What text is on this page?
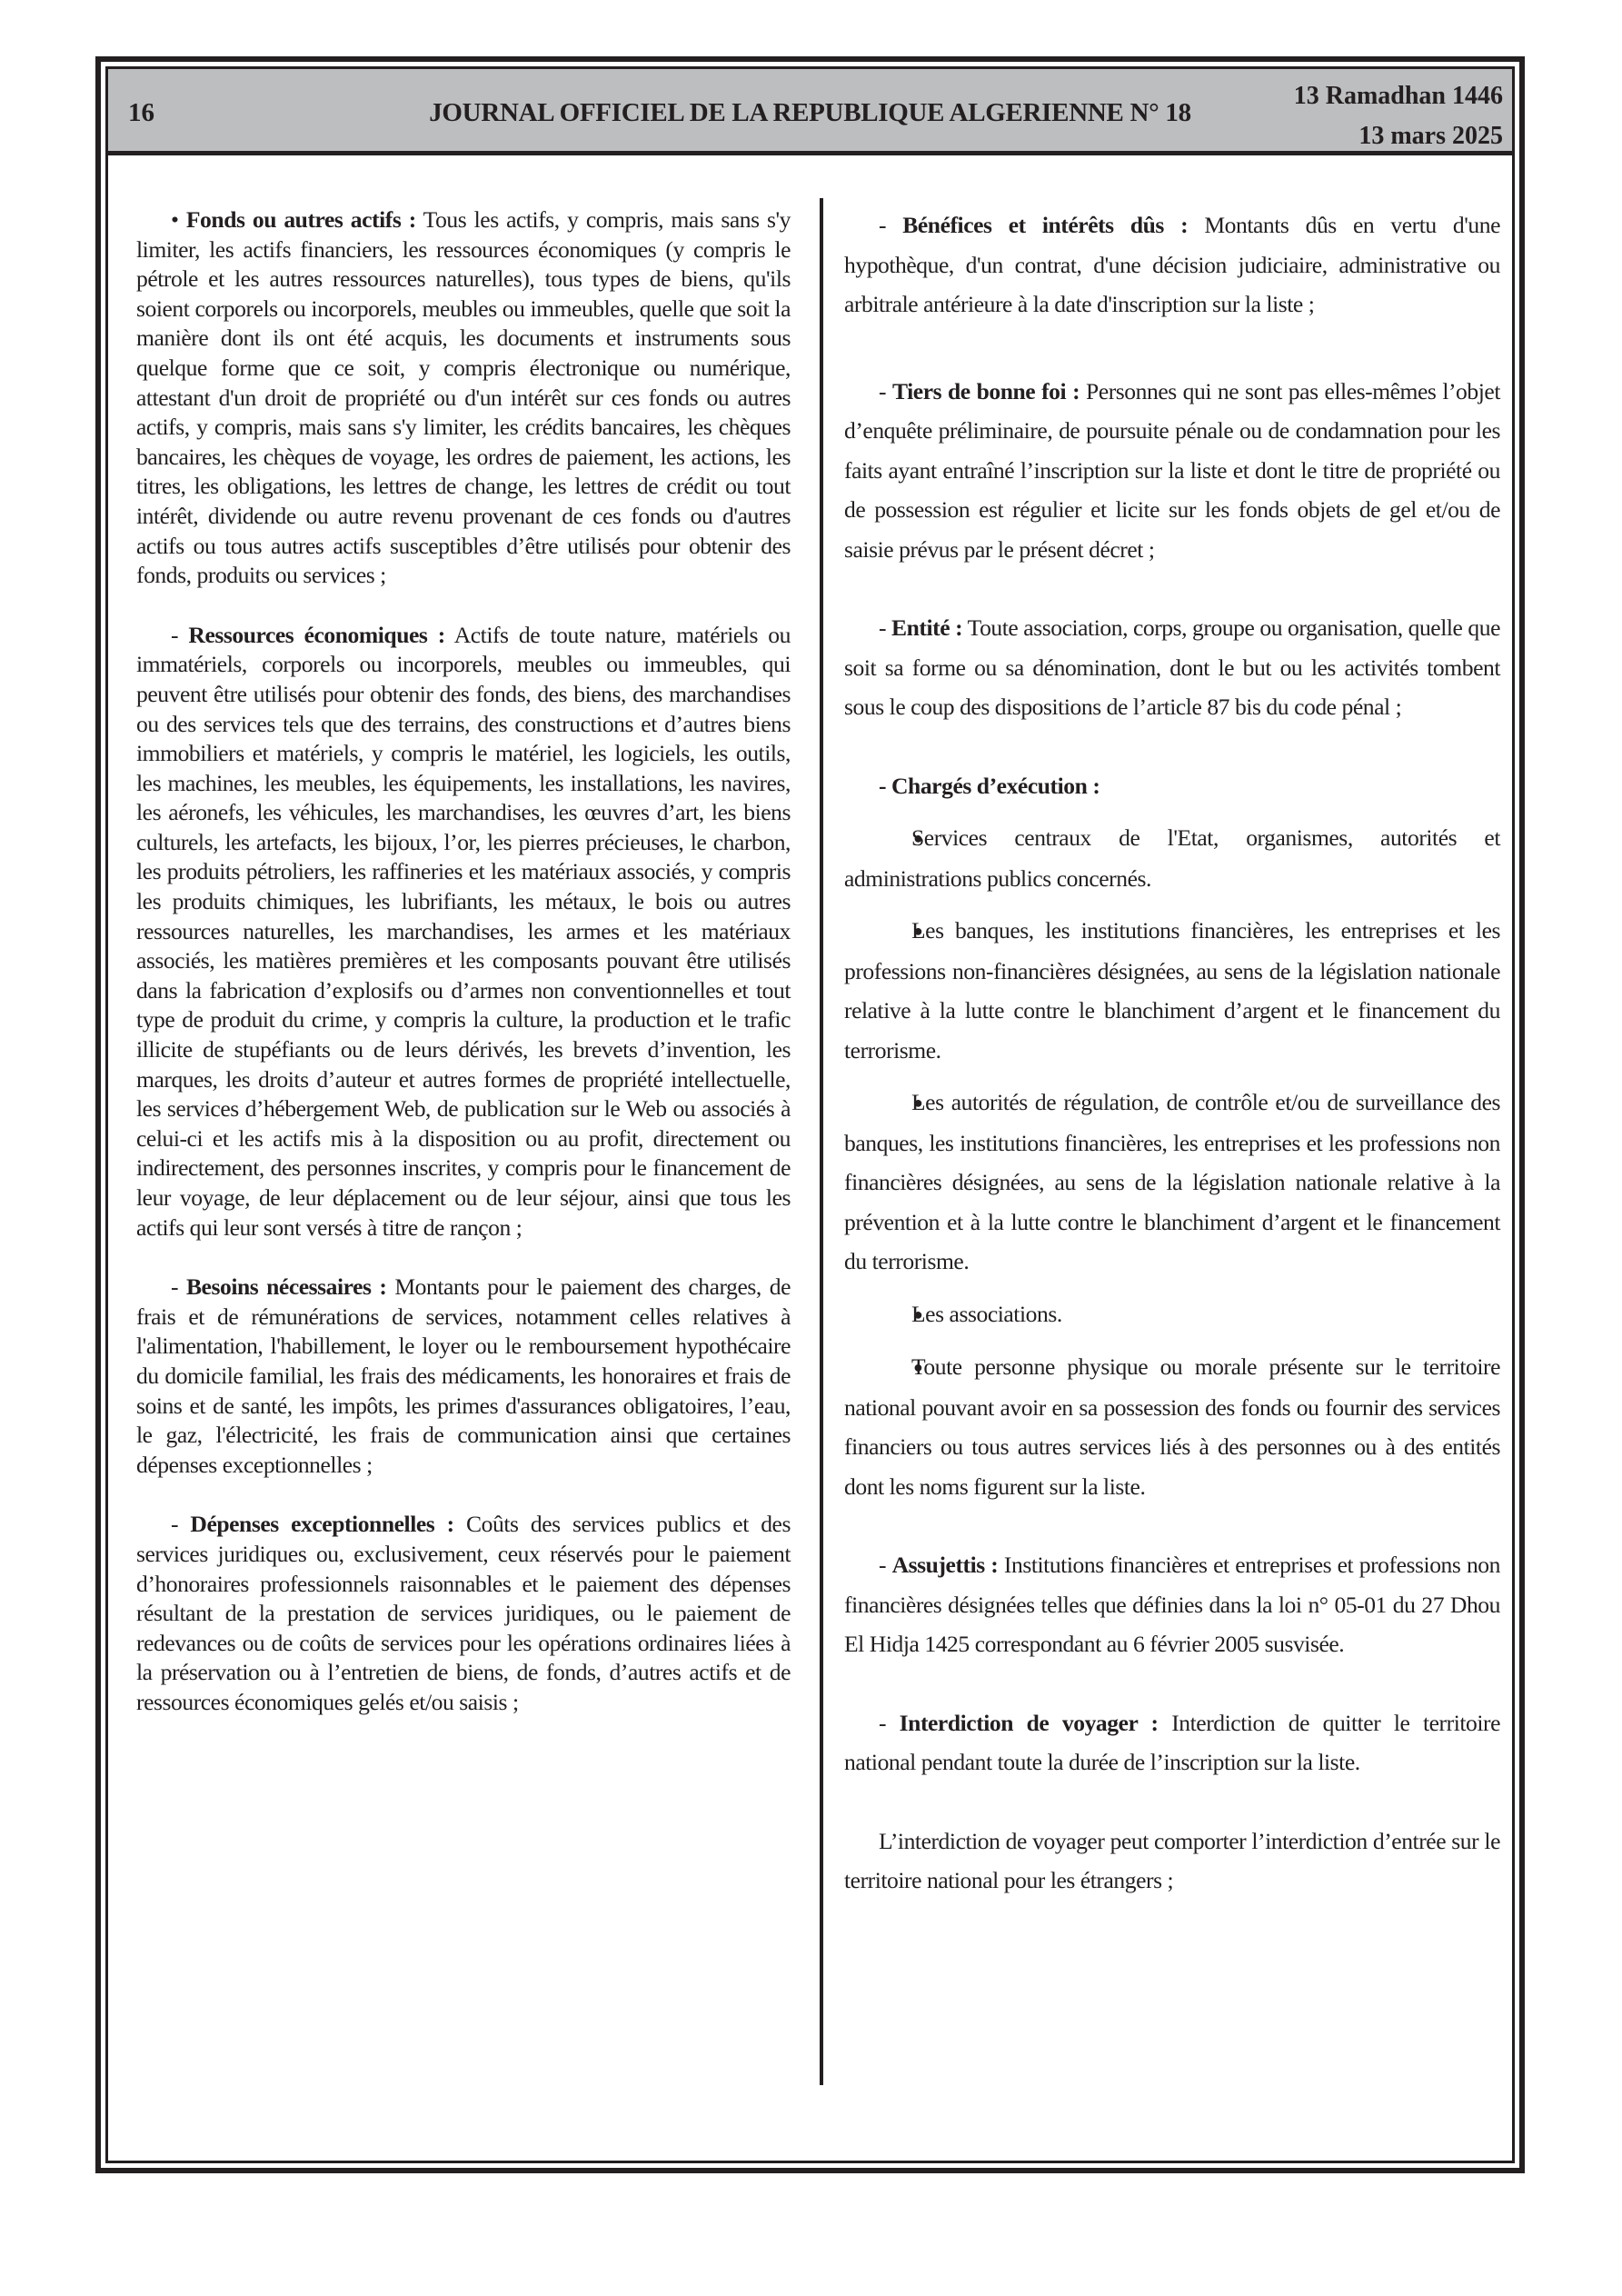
16	JOURNAL OFFICIEL DE LA REPUBLIQUE ALGERIENNE N° 18
13 Ramadhan 1446
13 mars 2025

• Fonds ou autres actifs : Tous les actifs, y compris, mais sans s'y limiter, les actifs financiers, les ressources économiques (y compris le pétrole et les autres ressources naturelles), tous types de biens, qu'ils soient corporels ou incorporels, meubles ou immeubles, quelle que soit la manière dont ils ont été acquis, les documents et instruments sous quelque forme que ce soit, y compris électronique ou numérique, attestant d'un droit de propriété ou d'un intérêt sur ces fonds ou autres actifs, y compris, mais sans s'y limiter, les crédits bancaires, les chèques bancaires, les chèques de voyage, les ordres de paiement, les actions, les titres, les obligations, les lettres de change, les lettres de crédit ou tout intérêt, dividende ou autre revenu provenant de ces fonds ou d'autres actifs ou tous autres actifs susceptibles d’être utilisés pour obtenir des fonds, produits ou services ;

- Ressources économiques : Actifs de toute nature, matériels ou immatériels, corporels ou incorporels, meubles ou immeubles, qui peuvent être utilisés pour obtenir des fonds, des biens, des marchandises ou des services tels que des terrains, des constructions et d’autres biens immobiliers et matériels, y compris le matériel, les logiciels, les outils, les machines, les meubles, les équipements, les installations, les navires, les aéronefs, les véhicules, les marchandises, les œuvres d’art, les biens culturels, les artefacts, les bijoux, l’or, les pierres précieuses, le charbon, les produits pétroliers, les raffineries et les matériaux associés, y compris les produits chimiques, les lubrifiants, les métaux, le bois ou autres ressources naturelles, les marchandises, les armes et les matériaux associés, les matières premières et les composants pouvant être utilisés dans la fabrication d’explosifs ou d’armes non conventionnelles et tout type de produit du crime, y compris la culture, la production et le trafic illicite de stupéfiants ou de leurs dérivés, les brevets d’invention, les marques, les droits d’auteur et autres formes de propriété intellectuelle, les services d’hébergement Web, de publication sur le Web ou associés à celui-ci et les actifs mis à la disposition ou au profit, directement ou indirectement, des personnes inscrites, y compris pour le financement de leur voyage, de leur déplacement ou de leur séjour, ainsi que tous les actifs qui leur sont versés à titre de rançon ;

- Besoins nécessaires : Montants pour le paiement des charges, de frais et de rémunérations de services, notamment celles relatives à l'alimentation, l'habillement, le loyer ou le remboursement hypothécaire du domicile familial, les frais des médicaments, les honoraires et frais de soins et de santé, les impôts, les primes d'assurances obligatoires, l’eau, le gaz, l'électricité, les frais de communication ainsi que certaines dépenses exceptionnelles ;

- Dépenses exceptionnelles : Coûts des services publics et des services juridiques ou, exclusivement, ceux réservés pour le paiement d’honoraires professionnels raisonnables et le paiement des dépenses résultant de la prestation de services juridiques, ou le paiement de redevances ou de coûts de services pour les opérations ordinaires liées à la préservation ou à l’entretien de biens, de fonds, d’autres actifs et de ressources économiques gelés et/ou saisis ;

- Bénéfices et intérêts dûs : Montants dûs en vertu d'une hypothèque, d'un contrat, d'une décision judiciaire, administrative ou arbitrale antérieure à la date d'inscription sur la liste ;

- Tiers de bonne foi : Personnes qui ne sont pas elles-mêmes l’objet d’enquête préliminaire, de poursuite pénale ou de condamnation pour les faits ayant entraîné l’inscription sur la liste et dont le titre de propriété ou de possession est régulier et licite sur les fonds objets de gel et/ou de saisie prévus par le présent décret ;

- Entité : Toute association, corps, groupe ou organisation, quelle que soit sa forme ou sa dénomination, dont le but ou les activités tombent sous le coup des dispositions de l’article 87 bis du code pénal ;

- Chargés d’exécution :

● Services centraux de l'Etat, organismes, autorités et administrations publics concernés.

● Les banques, les institutions financières, les entreprises et les professions non-financières désignées, au sens de la législation nationale relative à la lutte contre le blanchiment d’argent et le financement du terrorisme.

● Les autorités de régulation, de contrôle et/ou de surveillance des banques, les institutions financières, les entreprises et les professions non financières désignées, au sens de la législation nationale relative à la prévention et à la lutte contre le blanchiment d’argent et le financement du terrorisme.

● Les associations.

● Toute personne physique ou morale présente sur le territoire national pouvant avoir en sa possession des fonds ou fournir des services financiers ou tous autres services liés à des personnes ou à des entités dont les noms figurent sur la liste.

- Assujettis : Institutions financières et entreprises et professions non financières désignées telles que définies dans la loi n° 05-01 du 27 Dhou El Hidja 1425 correspondant au 6 février 2005 susvisée.

- Interdiction de voyager : Interdiction de quitter le territoire national pendant toute la durée de l’inscription sur la liste.

L’interdiction de voyager peut comporter l’interdiction d’entrée sur le territoire national pour les étrangers ;
